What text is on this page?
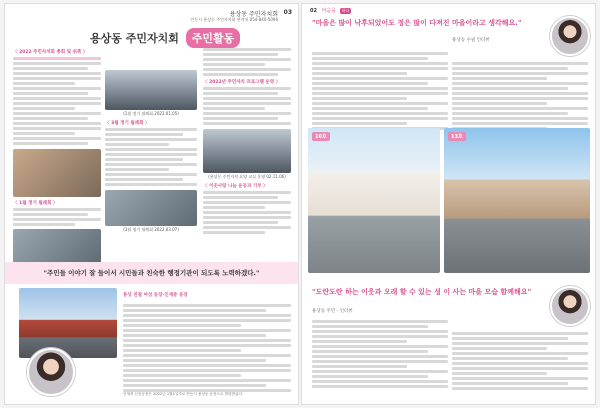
용상동 주민자치회 03
안동시 용상동 주민자치회 연락처 054-840-5096
용상동 주민자치회 주민활동
〈 2022 주민자치회 총회 및 위촉 〉
〈 1월 정기 월례회 〉
(1월 정기 월례회 2022.01.05)
〈 3월 정기 월례회 〉
(3월 정기 월례회 2022.03.07)
〈 2022년 주민자치 프로그램 운영 〉
(용상동 주민자치 요양 교실 운영 02.11.06)
〈 이웃사랑 나눔 운동과 기부 〉
"주민들 이야기 잘 들어서 시민들과 친숙한 행정기관이 되도록 노력하겠다."
용상 친절 여성 동장-인재중 동장
인재중 신임동장은 2022년 1월1일자로 안동시 용상동 동장으로 발령받았다.
02 마음을 하다
"마을은 많이 낙후되었어도 정은 많이 다져진 마을이라고 생각해요."
용상동 수필 인터뷰
10호	13호
"도란도란 하는 이웃과 오래 할 수 있는 성 이 사는 마을 모습 함께해요"
용상동 주민 - 인터뷰
